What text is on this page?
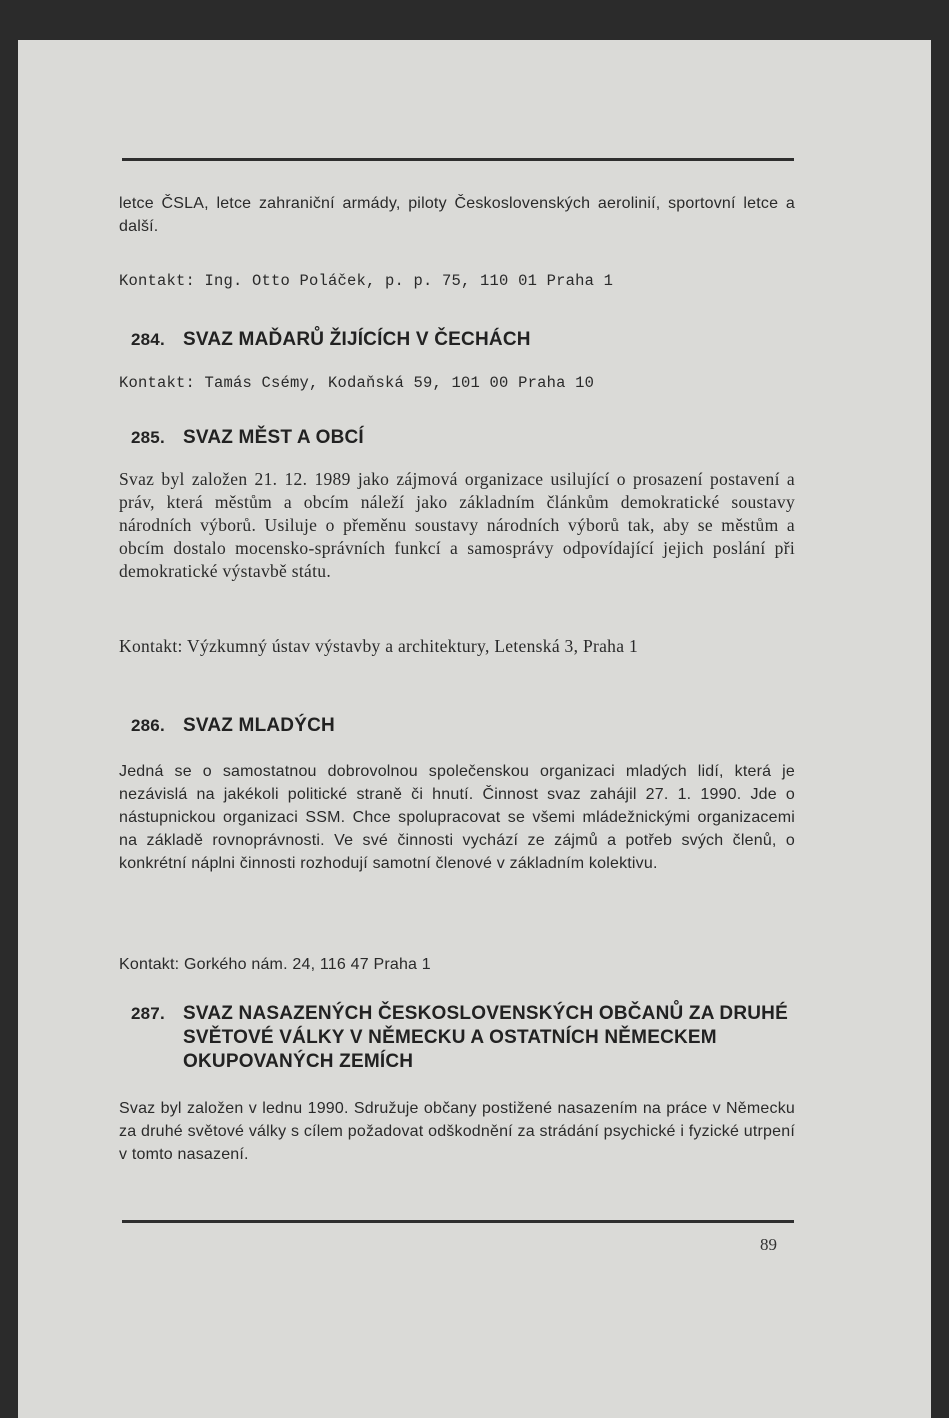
letce ČSLA, letce zahraniční armády, piloty Československých aerolinií, sportovní letce a další.

Kontakt: Ing. Otto Poláček, p. p. 75, 110 01 Praha 1

284. SVAZ MAĎARŮ ŽIJÍCÍCH V ČECHÁCH

Kontakt: Tamás Csémy, Kodaňská 59, 101 00 Praha 10

285. SVAZ MĚST A OBCÍ

Svaz byl založen 21. 12. 1989 jako zájmová organizace usilující o prosazení postavení a práv, která městům a obcím náleží jako základním článkům demokratické soustavy národních výborů. Usiluje o přeměnu soustavy národních výborů tak, aby se městům a obcím dostalo mocensko-správních funkcí a samosprávy odpovídající jejich poslání při demokratické výstavbě státu.

Kontakt: Výzkumný ústav výstavby a architektury, Letenská 3, Praha 1

286. SVAZ MLADÝCH

Jedná se o samostatnou dobrovolnou společenskou organizaci mladých lidí, která je nezávislá na jakékoli politické straně či hnutí. Činnost svaz zahájil 27. 1. 1990. Jde o nástupnickou organizaci SSM. Chce spolupracovat se všemi mládežnickými organizacemi na základě rovnoprávnosti. Ve své činnosti vychází ze zájmů a potřeb svých členů, o konkrétní náplni činnosti rozhodují samotní členové v základním kolektivu.

Kontakt: Gorkého nám. 24, 116 47 Praha 1

287. SVAZ NASAZENÝCH ČESKOSLOVENSKÝCH OBČANŮ ZA DRUHÉ SVĚTOVÉ VÁLKY V NĚMECKU A OSTATNÍCH NĚMECKEM OKUPOVANÝCH ZEMÍCH

Svaz byl založen v lednu 1990. Sdružuje občany postižené nasazením na práce v Německu za druhé světové války s cílem požadovat odškodnění za strádání psychické i fyzické utrpení v tomto nasazení.

89
